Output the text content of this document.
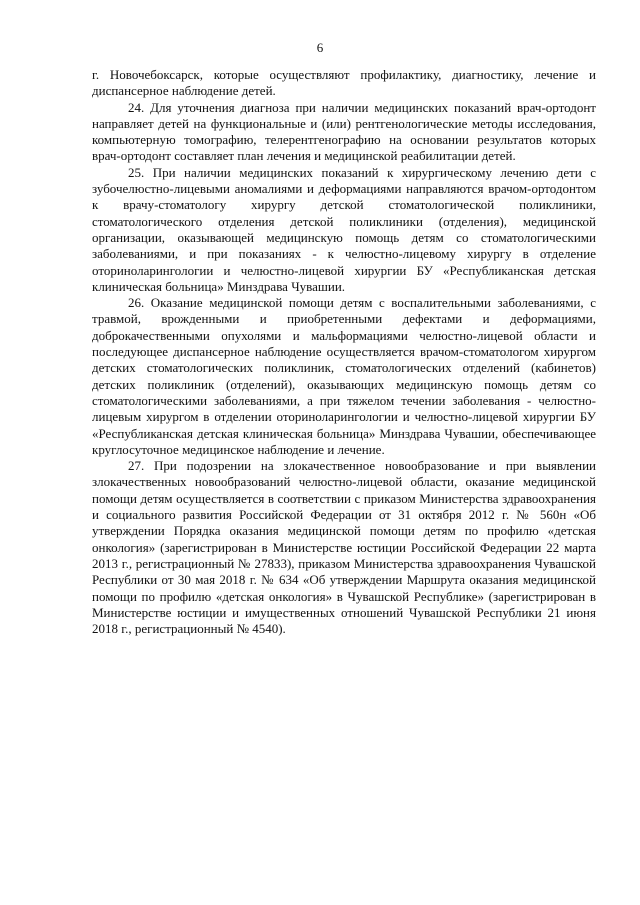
6

г. Новочебоксарск, которые осуществляют профилактику, диагностику, лечение и диспансерное наблюдение детей.

24. Для уточнения диагноза при наличии медицинских показаний врач-ортодонт направляет детей на функциональные и (или) рентгенологические методы исследования, компьютерную томографию, телерентгенографию на основании результатов которых врач-ортодонт составляет план лечения и медицинской реабилитации детей.

25. При наличии медицинских показаний к хирургическому лечению дети с зубочелюстно-лицевыми аномалиями и деформациями направляются врачом-ортодонтом к врачу-стоматологу хирургу детской стоматологической поликлиники, стоматологического отделения детской поликлиники (отделения), медицинской организации, оказывающей медицинскую помощь детям со стоматологическими заболеваниями, и при показаниях - к челюстно-лицевому хирургу в отделение оториноларингологии и челюстно-лицевой хирургии БУ «Республиканская детская клиническая больница» Минздрава Чувашии.

26. Оказание медицинской помощи детям с воспалительными заболеваниями, с травмой, врожденными и приобретенными дефектами и деформациями, доброкачественными опухолями и мальформациями челюстно-лицевой области и последующее диспансерное наблюдение осуществляется врачом-стоматологом хирургом детских стоматологических поликлиник, стоматологических отделений (кабинетов) детских поликлиник (отделений), оказывающих медицинскую помощь детям со стоматологическими заболеваниями, а при тяжелом течении заболевания - челюстно-лицевым хирургом в отделении оториноларингологии и челюстно-лицевой хирургии БУ «Республиканская детская клиническая больница» Минздрава Чувашии, обеспечивающее круглосуточное медицинское наблюдение и лечение.

27. При подозрении на злокачественное новообразование и при выявлении злокачественных новообразований челюстно-лицевой области, оказание медицинской помощи детям осуществляется в соответствии с приказом Министерства здравоохранения и социального развития Российской Федерации от 31 октября 2012 г. № 560н «Об утверждении Порядка оказания медицинской помощи детям по профилю «детская онкология» (зарегистрирован в Министерстве юстиции Российской Федерации 22 марта 2013 г., регистрационный № 27833), приказом Министерства здравоохранения Чувашской Республики от 30 мая 2018 г. № 634 «Об утверждении Маршрута оказания медицинской помощи по профилю «детская онкология» в Чувашской Республике» (зарегистрирован в Министерстве юстиции и имущественных отношений Чувашской Республики 21 июня 2018 г., регистрационный № 4540).
